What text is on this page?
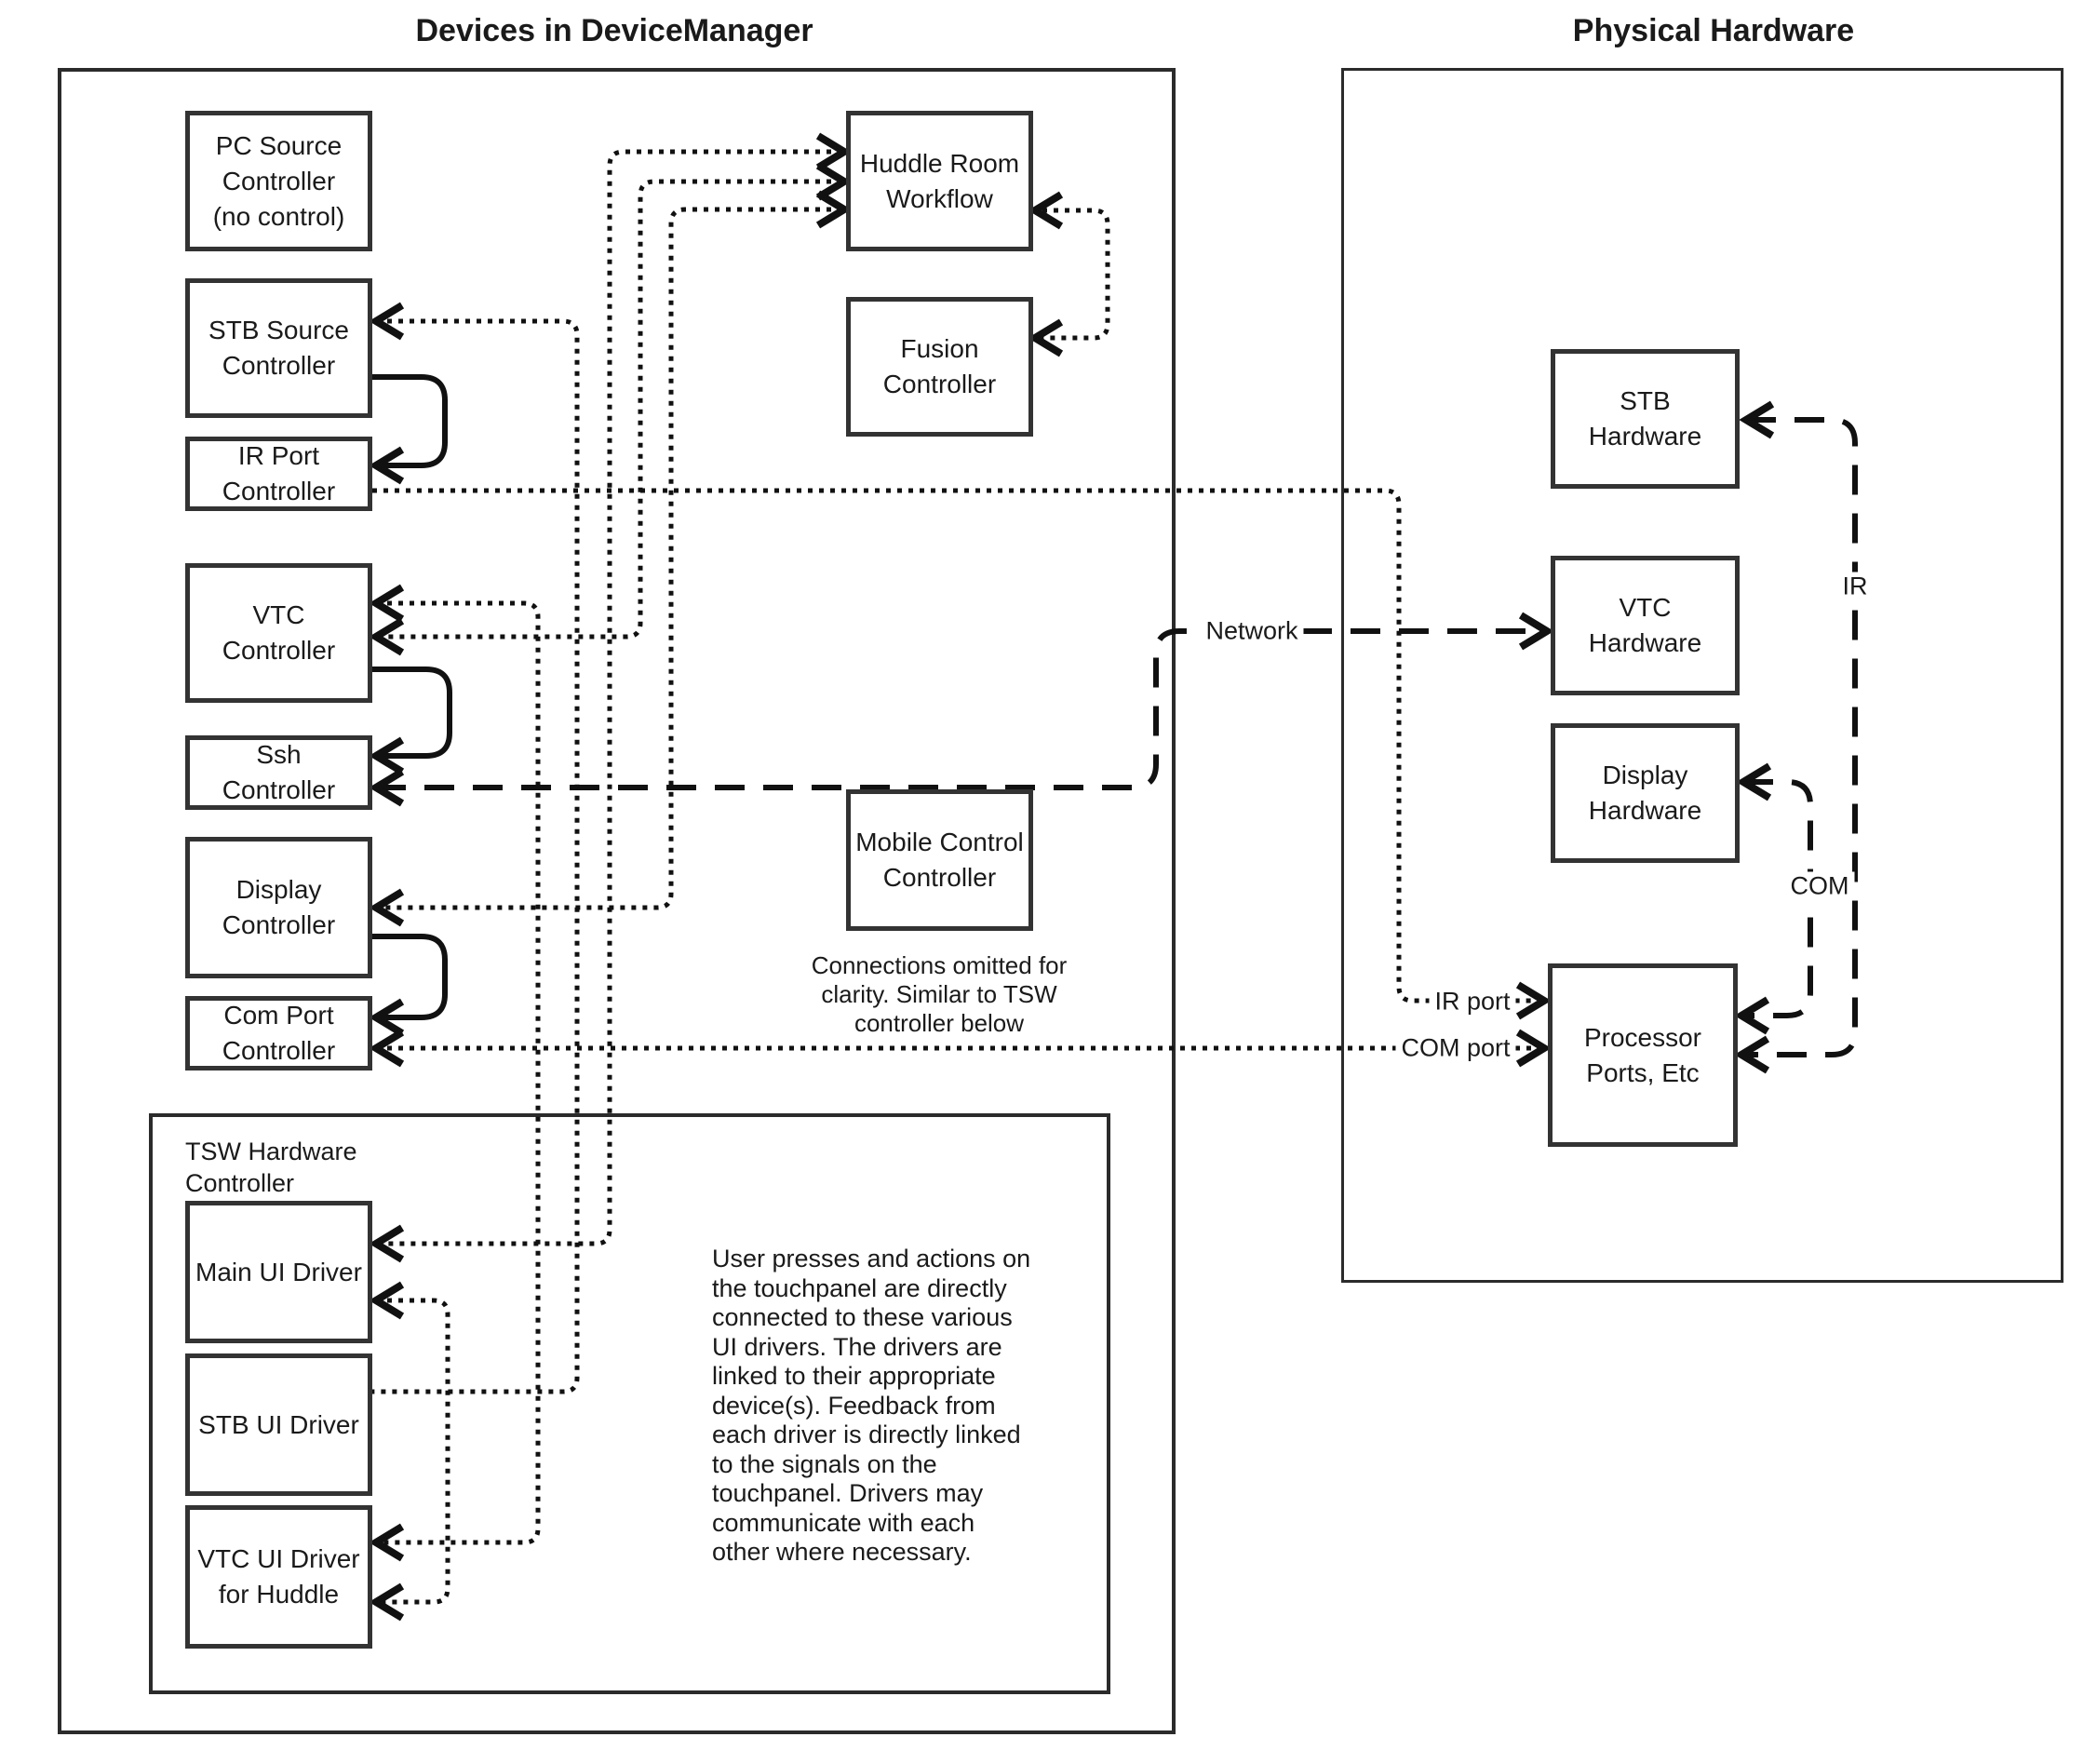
Devices in DeviceManager	Physical Hardware
TSW Hardware
Controller
Connections omitted for
clarity. Similar to TSW
controller below
User presses and actions on
the touchpanel are directly
connected to these various
UI drivers. The drivers are
linked to their appropriate
device(s). Feedback from
each driver is directly linked
to the signals on the
touchpanel. Drivers may
communicate with each
other where necessary.
PC Source
Controller
(no control)
STB Source
Controller
IR Port
Controller
VTC
Controller
Ssh
Controller
Display
Controller
Com Port
Controller
Huddle Room
Workflow
Fusion
Controller
Mobile Control
Controller
Main UI Driver
STB UI Driver
VTC UI Driver
for Huddle
STB
Hardware
VTC
Hardware
Display
Hardware
Processor
Ports, Etc
IR port
COM port
Network
IR
COM
